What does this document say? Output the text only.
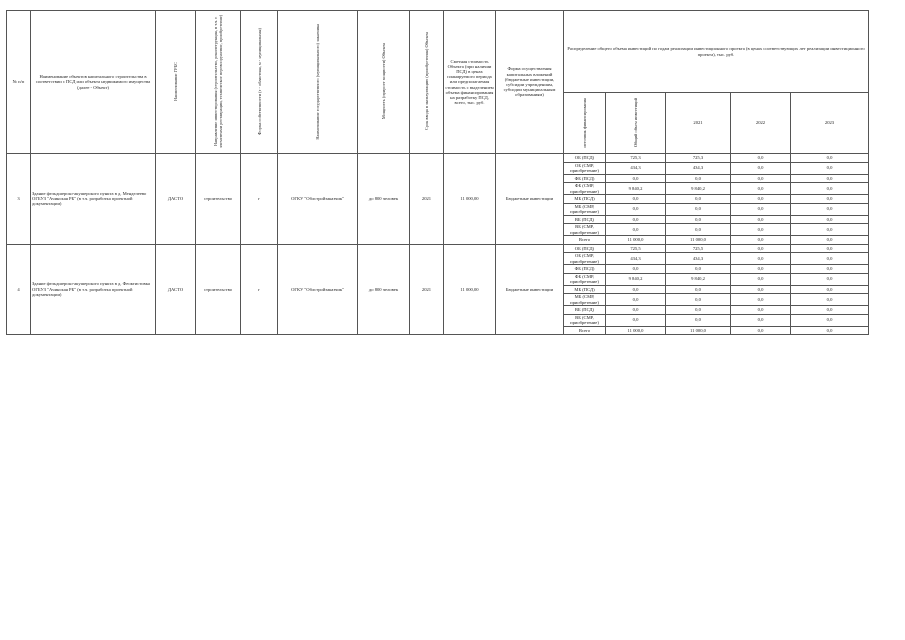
№ п/п	Наименование объектов капитального строительства в соответствии с ПСД или объекта недвижимого имущества (далее - Объект)	Наименование ГРБС	Направление инвестирования (строительство, реконструкция, в т.ч. с элементами реставрации, техническое перевооружение, приобретение)	Форма собственности (г - областная, м - муниципальная)	Наименование государственного (муниципального) заказчика	Мощность (прирост мощности) Объекта	Срок ввода в эксплуатацию (приобретения) Объекта	Сметная стоимость Объекта (при наличии ПСД) в ценах планируемого периода или предполагаемая стоимость с выделением объема финансирования на разработку ПСД, всего, тыс. руб.	Форма осуществления капитальных вложений (бюджетные инвестиции, субсидии учреждениям, субсидии муниципальным образованиям)	Распределение общего объема инвестиций по годам реализации инвестиционного проекта (в ценах соответствующих лет реализации инвестиционного проекта), тыс. руб.				
										источник финансирования	Общий объем инвестиций	2021	2022	2023
3	Здание фельдшерско-акушерского пункта в д. Менделеево ОГБУЗ "Ачинская РБ" (в т.ч. разработка проектной документации)	ДАСТО	строительство	г	ОГКУ "Облстройзаказчик"	до 800 человек	2021	11 000,00	Бюджетные инвестиции	ОБ (ПСД)	725,3	725,3	0,0	0,0
										ОБ (СМР, приобретение)	434,3	434,3	0,0	0,0
										ФБ (ПСД)	0,0	0,0	0,0	0,0
										ФБ (СМР, приобретение)	9 840,2	9 840,2	0,0	0,0
										МБ (ПСД)	0,0	0,0	0,0	0,0
										МБ (СМР, приобретение)	0,0	0,0	0,0	0,0
										ВБ (ПСД)	0,0	0,0	0,0	0,0
										ВБ (СМР, приобретение)	0,0	0,0	0,0	0,0
										Всего	11 000,0	11 000,0	0,0	0,0
4	Здание фельдшерско-акушерского пункта в д. Феоктистовка ОГБУЗ "Ачинская РБ" (в т.ч. разработка проектной документации)	ДАСТО	строительство	г	ОГКУ "Облстройзаказчик"	до 800 человек	2021	11 000,00	Бюджетные инвестиции	ОБ (ПСД)	725,5	725,5	0,0	0,0
										ОБ (СМР, приобретение)	434,3	434,3	0,0	0,0
										ФБ (ПСД)	0,0	0,0	0,0	0,0
										ФБ (СМР, приобретение)	9 840,2	9 840,2	0,0	0,0
										МБ (ПСД)	0,0	0,0	0,0	0,0
										МБ (СМР, приобретение)	0,0	0,0	0,0	0,0
										ВБ (ПСД)	0,0	0,0	0,0	0,0
										ВБ (СМР, приобретение)	0,0	0,0	0,0	0,0
										Всего	11 000,0	11 000,0	0,0	0,0
